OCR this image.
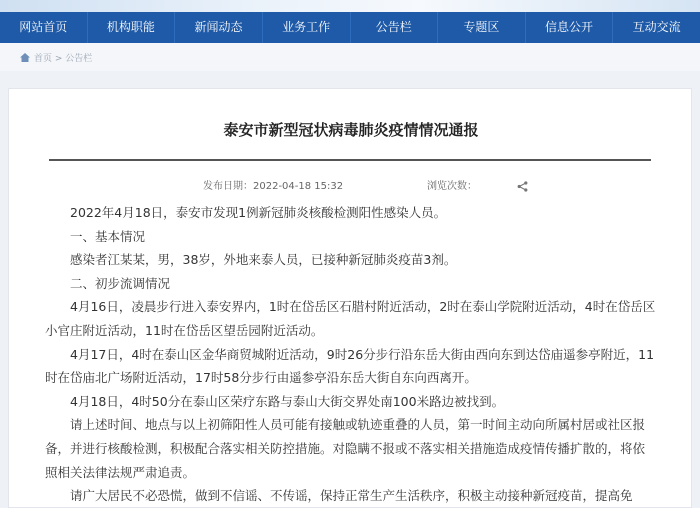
网站首页	机构职能	新闻动态	业务工作	公告栏	专题区	信息公开	互动交流
首页 > 公告栏
泰安市新型冠状病毒肺炎疫情情况通报
发布日期：2022-04-18 15:32	浏览次数：

2022年4月18日，泰安市发现1例新冠肺炎核酸检测阳性感染人员。

一、基本情况

感染者江某某，男，38岁，外地来泰人员，已接种新冠肺炎疫苗3剂。

二、初步流调情况

4月16日，凌晨步行进入泰安界内，1时在岱岳区石腊村附近活动，2时在泰山学院附近活动，4时在岱岳区小官庄附近活动，11时在岱岳区望岳园附近活动。

4月17日，4时在泰山区金华商贸城附近活动，9时26分步行沿东岳大街由西向东到达岱庙遥参亭附近，11时在岱庙北广场附近活动，17时58分步行由遥参亭沿东岳大街自东向西离开。

4月18日，4时50分在泰山区荣疗东路与泰山大街交界处南100米路边被找到。

请上述时间、地点与以上初筛阳性人员可能有接触或轨迹重叠的人员，第一时间主动向所属村居或社区报备，并进行核酸检测，积极配合落实相关防控措施。对隐瞒不报或不落实相关措施造成疫情传播扩散的，将依照相关法律法规严肃追责。

请广大居民不必恐慌，做到不信谣、不传谣，保持正常生产生活秩序，积极主动接种新冠疫苗，提高免
